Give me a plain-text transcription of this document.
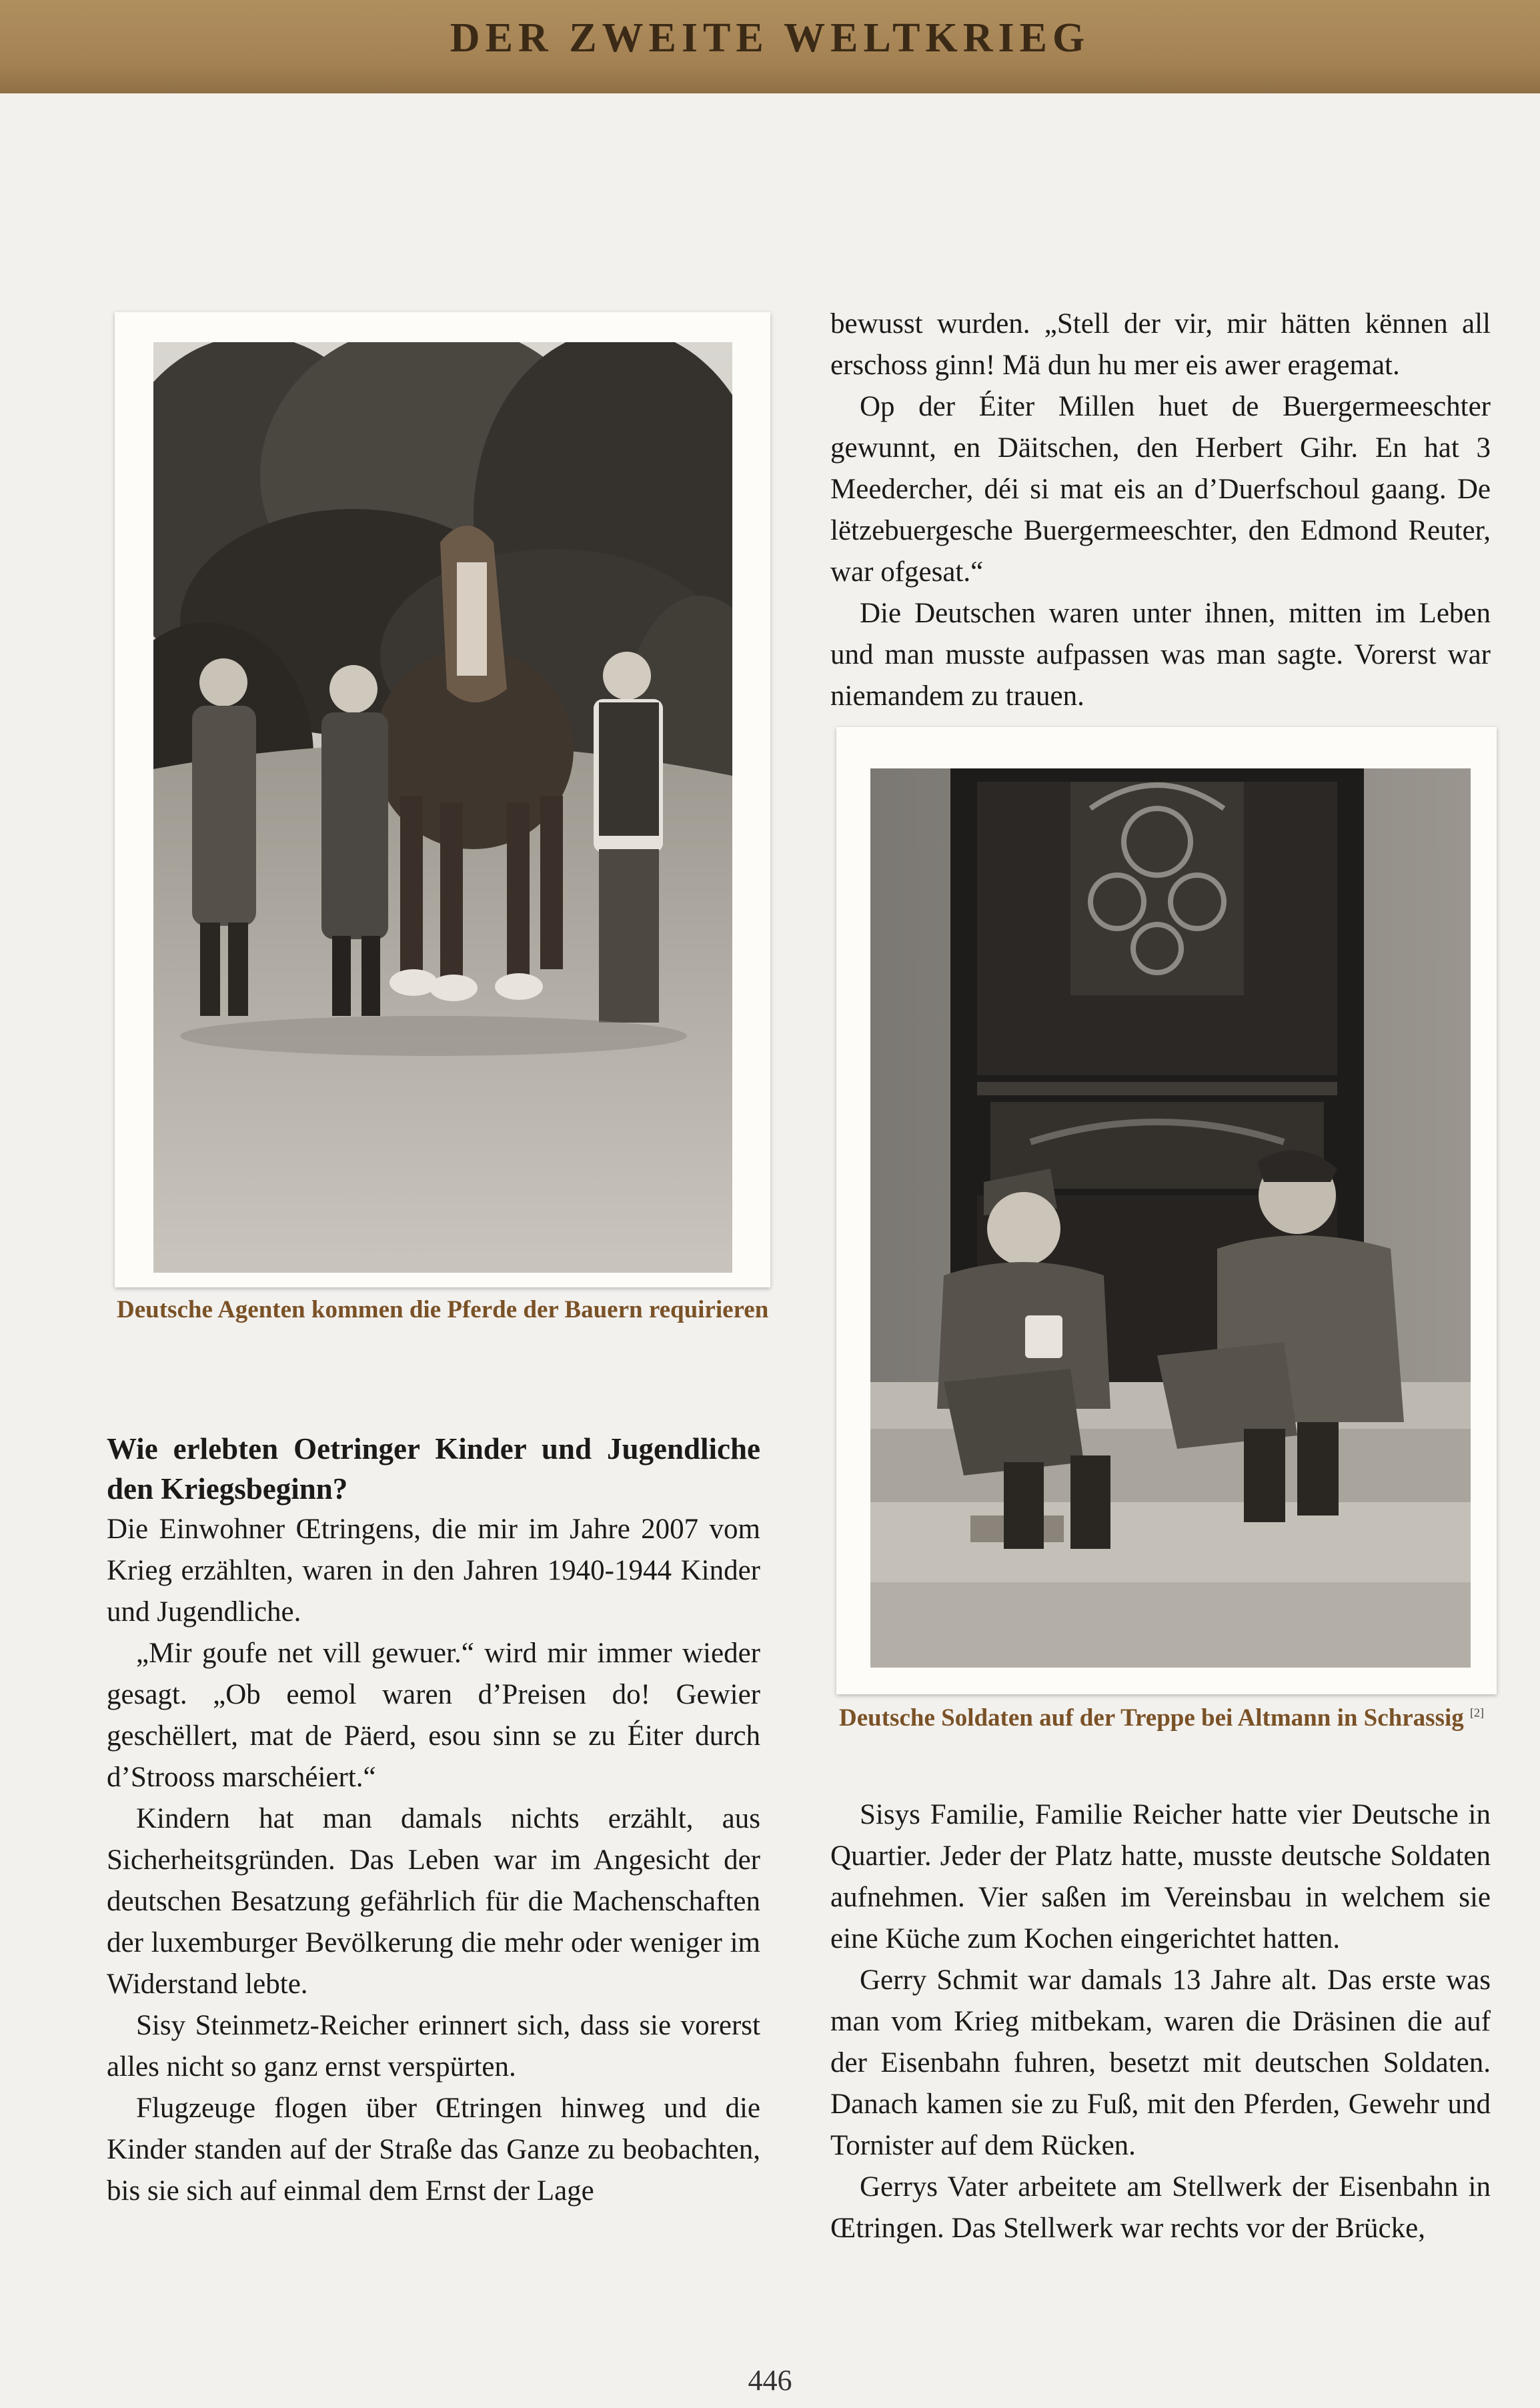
DER ZWEITE WELTKRIEG
Deutsche Agenten kommen die Pferde der Bauern requirieren
Deutsche Soldaten auf der Treppe bei Altmann in Schrassig [2]

bewusst wurden. „Stell der vir, mir hätten kënnen all erschoss ginn! Mä dun hu mer eis awer eragemat.

Op der Éiter Millen huet de Buergermeeschter gewunnt, en Däitschen, den Herbert Gihr. En hat 3 Meedercher, déi si mat eis an d’Duerfschoul gaang. De lëtzebuergesche Buergermeeschter, den Edmond Reuter, war ofgesat.“

Die Deutschen waren unter ihnen, mitten im Leben und man musste aufpassen was man sagte. Vorerst war niemandem zu trauen.

Wie erlebten Oetringer Kinder und Jugendliche den Kriegsbeginn?

Die Einwohner Œtringens, die mir im Jahre 2007 vom Krieg erzählten, waren in den Jahren 1940-1944 Kinder und Jugendliche.

„Mir goufe net vill gewuer.“ wird mir immer wieder gesagt. „Ob eemol waren d’Preisen do! Gewier geschëllert, mat de Päerd, esou sinn se zu Éiter durch d’Strooss marschéiert.“

Kindern hat man damals nichts erzählt, aus Sicherheitsgründen. Das Leben war im Angesicht der deutschen Besatzung gefährlich für die Machenschaften der luxemburger Bevölkerung die mehr oder weniger im Widerstand lebte.

Sisy Steinmetz-Reicher erinnert sich, dass sie vorerst alles nicht so ganz ernst verspürten.

Flugzeuge flogen über Œtringen hinweg und die Kinder standen auf der Straße das Ganze zu beobachten, bis sie sich auf einmal dem Ernst der Lage

Sisys Familie, Familie Reicher hatte vier Deutsche in Quartier. Jeder der Platz hatte, musste deutsche Soldaten aufnehmen. Vier saßen im Vereinsbau in welchem sie eine Küche zum Kochen eingerichtet hatten.

Gerry Schmit war damals 13 Jahre alt. Das erste was man vom Krieg mitbekam, waren die Dräsinen die auf der Eisenbahn fuhren, besetzt mit deutschen Soldaten. Danach kamen sie zu Fuß, mit den Pferden, Gewehr und Tornister auf dem Rücken.

Gerrys Vater arbeitete am Stellwerk der Eisenbahn in Œtringen. Das Stellwerk war rechts vor der Brücke,

446
